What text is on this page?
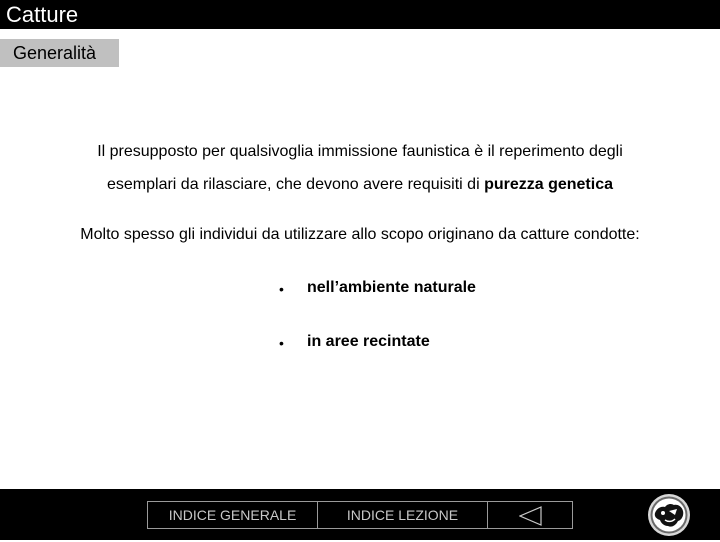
Catture
Generalità
Il presupposto per qualsivoglia immissione faunistica è il reperimento degli
esemplari da rilasciare, che devono avere requisiti di purezza genetica
Molto spesso gli individui da utilizzare allo scopo originano da catture condotte:
• nell’ambiente naturale
• in aree recintate
INDICE GENERALE	INDICE LEZIONE
